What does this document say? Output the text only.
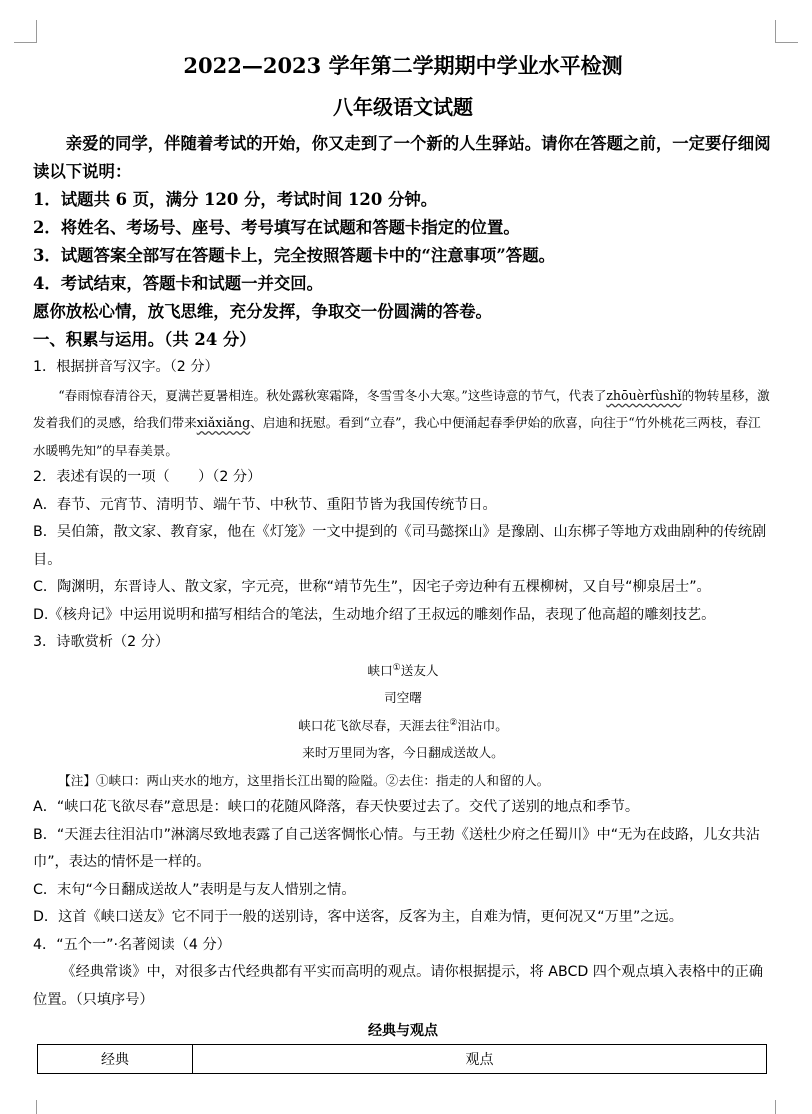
2022—2023 学年第二学期期中学业水平检测
八年级语文试题
亲爱的同学，伴随着考试的开始，你又走到了一个新的人生驿站。请你在答题之前，一定要仔细阅读以下说明：
1．试题共 6 页，满分 120 分，考试时间 120 分钟。
2．将姓名、考场号、座号、考号填写在试题和答题卡指定的位置。
3．试题答案全部写在答题卡上，完全按照答题卡中的“注意事项”答题。
4．考试结束，答题卡和试题一并交回。
愿你放松心情，放飞思维，充分发挥，争取交一份圆满的答卷。
一、积累与运用。（共 24 分）
1．根据拼音写汉字。（2 分）
“春雨惊春清谷天，夏满芒夏暑相连。秋处露秋寒霜降，冬雪雪冬小大寒。”这些诗意的节气，代表了zhōuèrfùshǐ的物转星移，激发着我们的灵感，给我们带来xiǎxiǎng、启迪和抚慰。看到“立春”，我心中便涌起春季伊始的欣喜，向往于“竹外桃花三两枝，春江水暖鸭先知”的早春美景。
2．表述有误的一项（　　）（2 分）
A．春节、元宵节、清明节、端午节、中秋节、重阳节皆为我国传统节日。
B．吴伯箫，散文家、教育家，他在《灯笼》一文中提到的《司马懿探山》是豫剧、山东梆子等地方戏曲剧种的传统剧目。
C．陶渊明，东晋诗人、散文家，字元亮，世称“靖节先生”，因宅子旁边种有五棵柳树，又自号“柳泉居士”。
D.《核舟记》中运用说明和描写相结合的笔法，生动地介绍了王叔远的雕刻作品，表现了他高超的雕刻技艺。
3．诗歌赏析（2 分）
峡口①送友人
司空曙
峡口花飞欲尽春，天涯去往②泪沾巾。
来时万里同为客，今日翻成送故人。
【注】①峡口：两山夹水的地方，这里指长江出蜀的险隘。②去住：指走的人和留的人。
A．“峡口花飞欲尽春”意思是：峡口的花随风降落，春天快要过去了。交代了送别的地点和季节。
B．“天涯去往泪沾巾”淋漓尽致地表露了自己送客惆怅心情。与王勃《送杜少府之任蜀川》中“无为在歧路，儿女共沾巾”，表达的情怀是一样的。
C．末句“今日翻成送故人”表明是与友人惜别之情。
D．这首《峡口送友》它不同于一般的送别诗，客中送客，反客为主，自难为情，更何况又“万里”之远。
4．“五个一”·名著阅读（4 分）
《经典常谈》中，对很多古代经典都有平实而高明的观点。请你根据提示，将 ABCD 四个观点填入表格中的正确位置。（只填序号）
经典与观点
经典	观点
